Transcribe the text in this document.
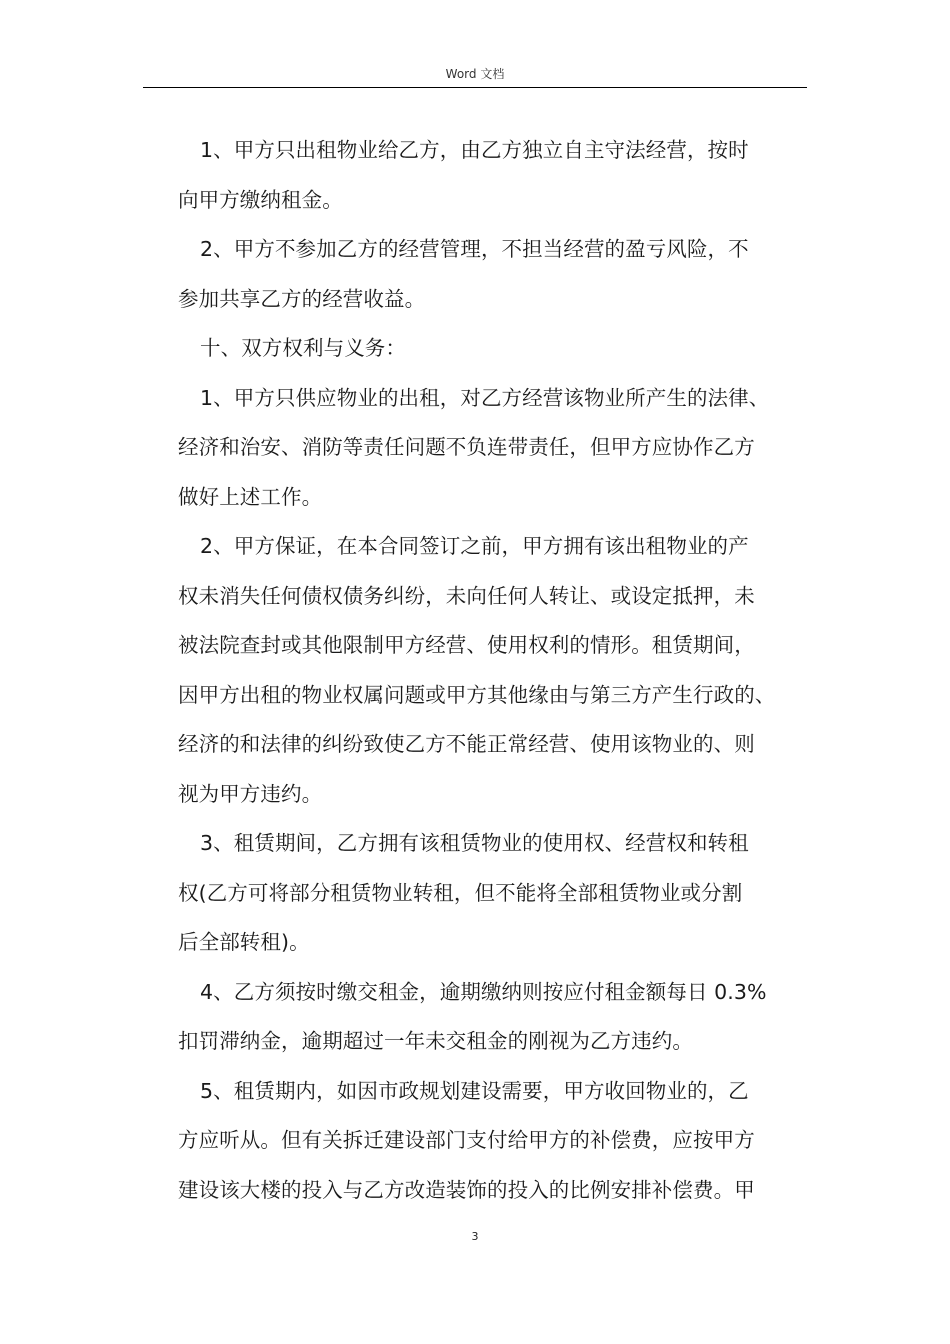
Word 文档
1、甲方只出租物业给乙方，由乙方独立自主守法经营，按时
向甲方缴纳租金。
2、甲方不参加乙方的经营管理，不担当经营的盈亏风险，不
参加共享乙方的经营收益。
十、双方权利与义务：
1、甲方只供应物业的出租，对乙方经营该物业所产生的法律、
经济和治安、消防等责任问题不负连带责任，但甲方应协作乙方
做好上述工作。
2、甲方保证，在本合同签订之前，甲方拥有该出租物业的产
权未消失任何债权债务纠纷，未向任何人转让、或设定抵押，未
被法院查封或其他限制甲方经营、使用权利的情形。租赁期间，
因甲方出租的物业权属问题或甲方其他缘由与第三方产生行政的、
经济的和法律的纠纷致使乙方不能正常经营、使用该物业的、则
视为甲方违约。
3、租赁期间，乙方拥有该租赁物业的使用权、经营权和转租
权(乙方可将部分租赁物业转租，但不能将全部租赁物业或分割
后全部转租)。
4、乙方须按时缴交租金，逾期缴纳则按应付租金额每日 0.3%
扣罚滞纳金，逾期超过一年未交租金的刚视为乙方违约。
5、租赁期内，如因市政规划建设需要，甲方收回物业的，乙
方应听从。但有关拆迁建设部门支付给甲方的补偿费，应按甲方
建设该大楼的投入与乙方改造装饰的投入的比例安排补偿费。甲
3
